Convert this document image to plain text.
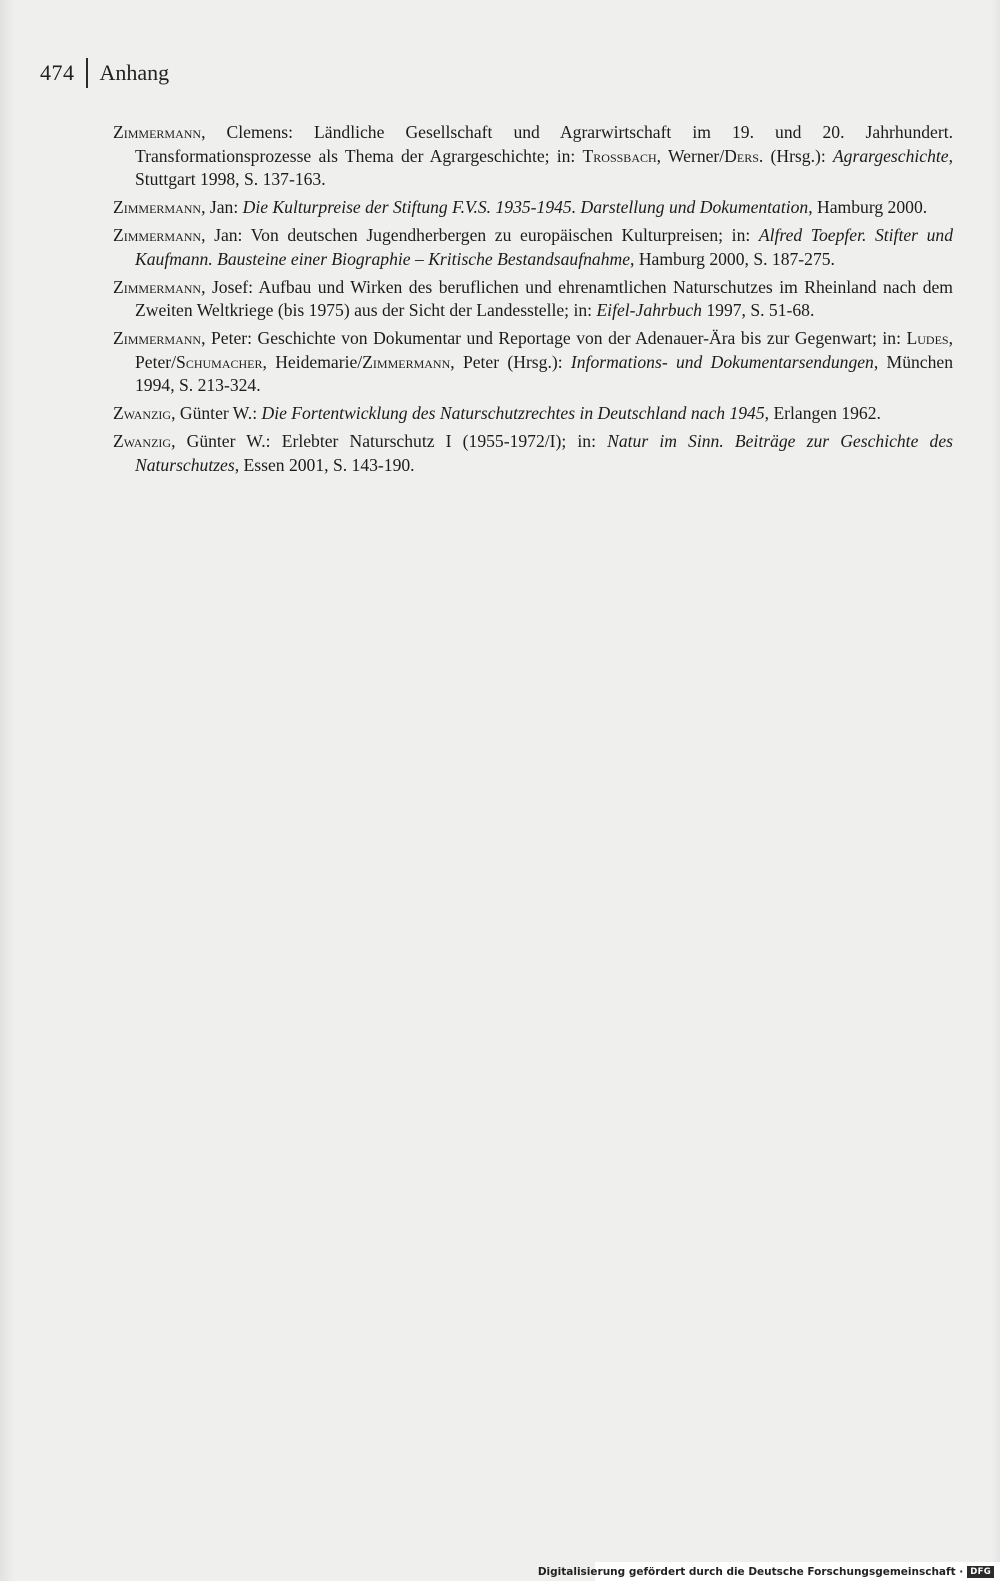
474 Anhang
Zimmermann, Clemens: Ländliche Gesellschaft und Agrarwirtschaft im 19. und 20. Jahrhundert. Transformationsprozesse als Thema der Agrargeschichte; in: Trossbach, Werner/Ders. (Hrsg.): Agrargeschichte, Stuttgart 1998, S. 137-163.
Zimmermann, Jan: Die Kulturpreise der Stiftung F.V.S. 1935-1945. Darstellung und Dokumentation, Hamburg 2000.
Zimmermann, Jan: Von deutschen Jugendherbergen zu europäischen Kulturpreisen; in: Alfred Toepfer. Stifter und Kaufmann. Bausteine einer Biographie – Kritische Bestandsaufnahme, Hamburg 2000, S. 187-275.
Zimmermann, Josef: Aufbau und Wirken des beruflichen und ehrenamtlichen Naturschutzes im Rheinland nach dem Zweiten Weltkriege (bis 1975) aus der Sicht der Landesstelle; in: Eifel-Jahrbuch 1997, S. 51-68.
Zimmermann, Peter: Geschichte von Dokumentar und Reportage von der Adenauer-Ära bis zur Gegenwart; in: Ludes, Peter/Schumacher, Heidemarie/Zimmermann, Peter (Hrsg.): Informations- und Dokumentarsendungen, München 1994, S. 213-324.
Zwanzig, Günter W.: Die Fortentwicklung des Naturschutzrechtes in Deutschland nach 1945, Erlangen 1962.
Zwanzig, Günter W.: Erlebter Naturschutz I (1955-1972/I); in: Natur im Sinn. Beiträge zur Geschichte des Naturschutzes, Essen 2001, S. 143-190.
Digitalisierung gefördert durch die Deutsche Forschungsgemeinschaft · DFG
